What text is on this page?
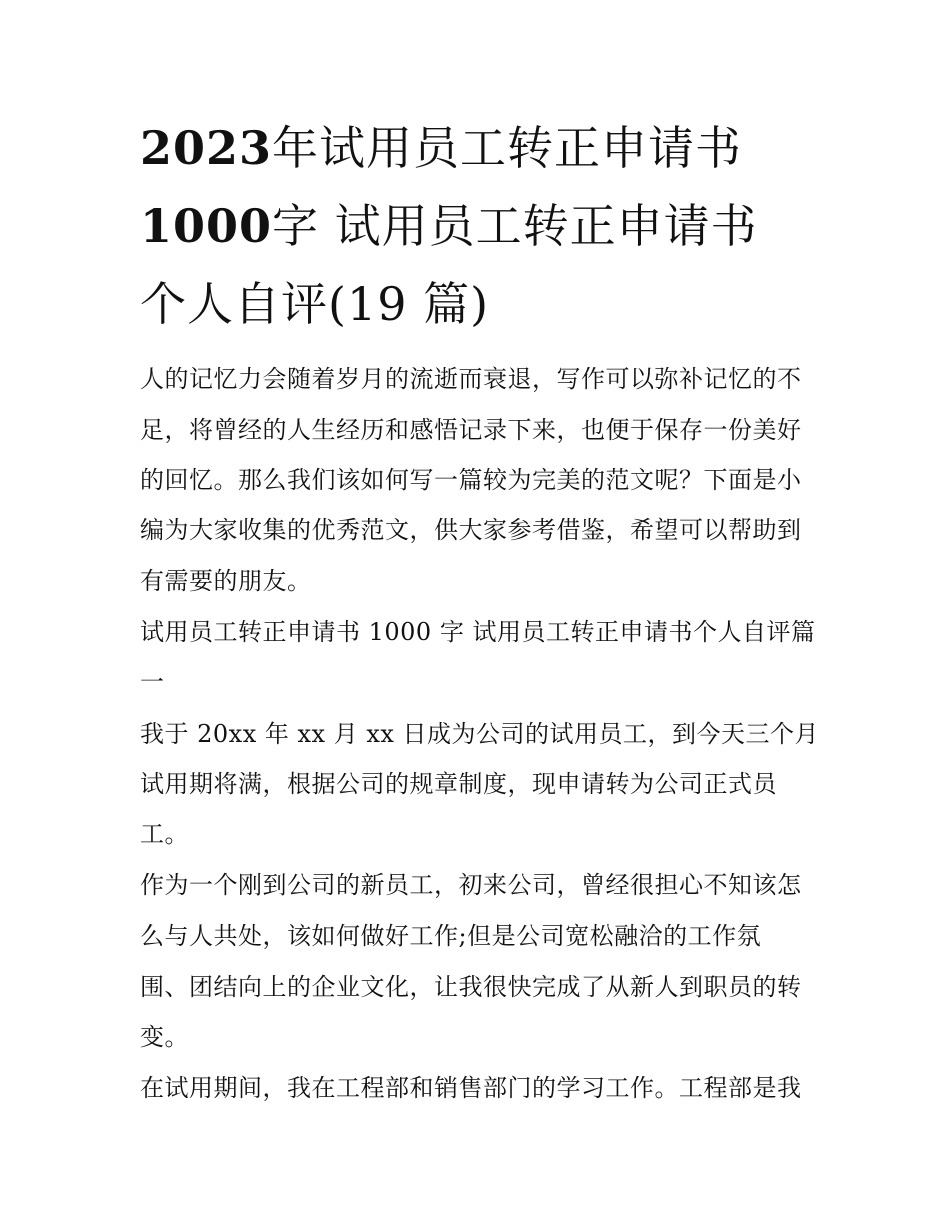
2023年试用员工转正申请书
1000字 试用员工转正申请书
个人自评(19 篇)
人的记忆力会随着岁月的流逝而衰退，写作可以弥补记忆的不
足，将曾经的人生经历和感悟记录下来，也便于保存一份美好
的回忆。那么我们该如何写一篇较为完美的范文呢？下面是小
编为大家收集的优秀范文，供大家参考借鉴，希望可以帮助到
有需要的朋友。
试用员工转正申请书 1000 字 试用员工转正申请书个人自评篇
一
我于 20xx 年 xx 月 xx 日成为公司的试用员工，到今天三个月
试用期将满，根据公司的规章制度，现申请转为公司正式员
工。
作为一个刚到公司的新员工，初来公司，曾经很担心不知该怎
么与人共处，该如何做好工作;但是公司宽松融洽的工作氛
围、团结向上的企业文化，让我很快完成了从新人到职员的转
变。
在试用期间，我在工程部和销售部门的学习工作。工程部是我
